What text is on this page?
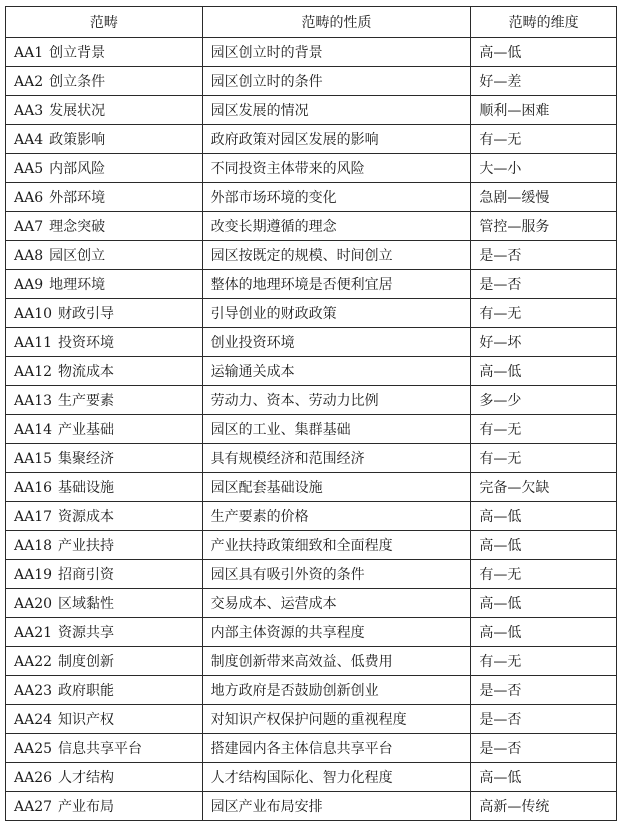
范畴	范畴的性质	范畴的维度
AA1 创立背景	园区创立时的背景	高—低
AA2 创立条件	园区创立时的条件	好—差
AA3 发展状况	园区发展的情况	顺利—困难
AA4 政策影响	政府政策对园区发展的影响	有—无
AA5 内部风险	不同投资主体带来的风险	大—小
AA6 外部环境	外部市场环境的变化	急剧—缓慢
AA7 理念突破	改变长期遵循的理念	管控—服务
AA8 园区创立	园区按既定的规模、时间创立	是—否
AA9 地理环境	整体的地理环境是否便利宜居	是—否
AA10 财政引导	引导创业的财政政策	有—无
AA11 投资环境	创业投资环境	好—坏
AA12 物流成本	运输通关成本	高—低
AA13 生产要素	劳动力、资本、劳动力比例	多—少
AA14 产业基础	园区的工业、集群基础	有—无
AA15 集聚经济	具有规模经济和范围经济	有—无
AA16 基础设施	园区配套基础设施	完备—欠缺
AA17 资源成本	生产要素的价格	高—低
AA18 产业扶持	产业扶持政策细致和全面程度	高—低
AA19 招商引资	园区具有吸引外资的条件	有—无
AA20 区域黏性	交易成本、运营成本	高—低
AA21 资源共享	内部主体资源的共享程度	高—低
AA22 制度创新	制度创新带来高效益、低费用	有—无
AA23 政府职能	地方政府是否鼓励创新创业	是—否
AA24 知识产权	对知识产权保护问题的重视程度	是—否
AA25 信息共享平台	搭建园内各主体信息共享平台	是—否
AA26 人才结构	人才结构国际化、智力化程度	高—低
AA27 产业布局	园区产业布局安排	高新—传统
